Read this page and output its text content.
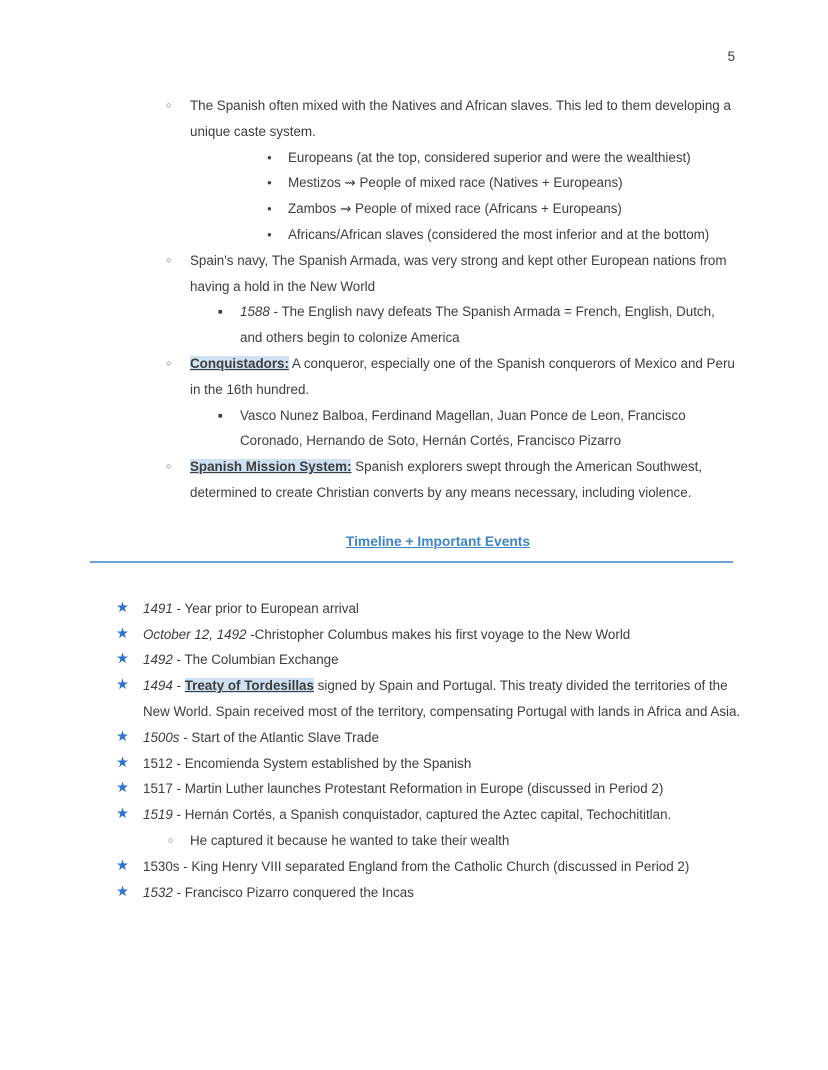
5
○	The Spanish often mixed with the Natives and African slaves. This led to them developing a unique caste system.
●	Europeans (at the top, considered superior and were the wealthiest)
●	Mestizos ⇝ People of mixed race (Natives + Europeans)
●	Zambos ⇝ People of mixed race (Africans + Europeans)
●	Africans/African slaves (considered the most inferior and at the bottom)
○	Spain's navy, The Spanish Armada, was very strong and kept other European nations from having a hold in the New World
■	1588 - The English navy defeats The Spanish Armada = French, English, Dutch, and others begin to colonize America
○	Conquistadors: A conqueror, especially one of the Spanish conquerors of Mexico and Peru in the 16th hundred.
■	Vasco Nunez Balboa, Ferdinand Magellan, Juan Ponce de Leon, Francisco Coronado, Hernando de Soto, Hernán Cortés, Francisco Pizarro
○	Spanish Mission System: Spanish explorers swept through the American Southwest, determined to create Christian converts by any means necessary, including violence.
Timeline + Important Events
★	1491 - Year prior to European arrival
★	October 12, 1492 -Christopher Columbus makes his first voyage to the New World
★	1492 - The Columbian Exchange
★	1494 - Treaty of Tordesillas signed by Spain and Portugal. This treaty divided the territories of the New World. Spain received most of the territory, compensating Portugal with lands in Africa and Asia.
★	1500s - Start of the Atlantic Slave Trade
★	1512 - Encomienda System established by the Spanish
★	1517 - Martin Luther launches Protestant Reformation in Europe (discussed in Period 2)
★	1519 - Hernán Cortés, a Spanish conquistador, captured the Aztec capital, Techochititlan.
○	He captured it because he wanted to take their wealth
★	1530s - King Henry VIII separated England from the Catholic Church (discussed in Period 2)
★	1532 - Francisco Pizarro conquered the Incas
